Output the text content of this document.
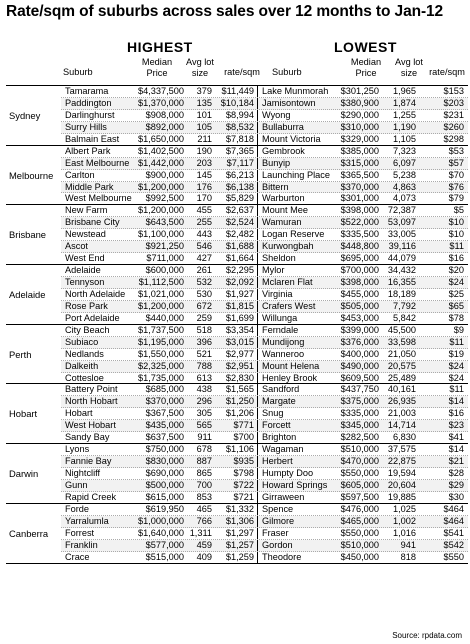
Rate/sqm of suburbs across sales over 12 months to Jan-12
HIGHEST	LOWEST
Suburb
Median Price
Avg lot size	rate/sqm	Suburb
Median Price
Avg lot size	rate/sqm
Sydney
Tamarama	$4,337,500	379	$11,449 Lake Munmorah	$301,250	1,965	$153
Paddington	$1,370,000	135 $10,184 Jamisontown	$380,900	1,874	$203
Darlinghurst	$908,000	101	$8,994 Wyong	$290,000	1,255	$231
Surry Hills	$892,000	105	$8,532 Bullaburra	$310,000	1,190	$260
Balmain East	$1,650,000	211	$7,818 Mount Victoria	$329,000	1,105	$298
Melbourne
Albert Park	$1,402,500	190	$7,365 Gembrook	$385,000	7,323	$53
East Melbourne $1,442,000	203	$7,117 Bunyip	$315,000	6,097	$57
Carlton	$900,000	145	$6,213 Launching Place	$365,500	5,238	$70
Middle Park	$1,200,000	176	$6,138 Bittern	$370,000	4,863	$76
West Melbourne	$992,500	170	$5,829 Warburton	$301,000	4,073	$79
Brisbane
New Farm	$1,200,000	455	$2,637 Mount Mee	$398,000 72,387	$5
Brisbane City	$643,500	255	$2,524 Wamuran	$522,000 53,097	$10
Newstead	$1,100,000	443	$2,482 Logan Reserve	$335,500 33,005	$10
Ascot	$921,250	546	$1,688 Kurwongbah	$448,800	39,116	$11
West End	$711,000	427	$1,664 Sheldon	$695,000 44,079	$16
Adelaide
Adelaide	$600,000	261	$2,295 Mylor	$700,000 34,432	$20
Tennyson	$1,112,500	532	$2,092 Mclaren Flat	$398,000 16,355	$24
North Adelaide	$1,021,000	530	$1,927 Virginia	$455,000 18,189	$25
Rose Park	$1,200,000	672	$1,815 Crafers West	$505,000	7,792	$65
Port Adelaide	$440,000	259	$1,699 Willunga	$453,000	5,842	$78
Perth
City Beach	$1,737,500	518	$3,354 Ferndale	$399,000 45,500	$9
Subiaco	$1,195,000	396	$3,015 Mundijong	$376,000 33,598	$11
Nedlands	$1,550,000	521	$2,977 Wanneroo	$400,000 21,050	$19
Dalkeith	$2,325,000	788	$2,951 Mount Helena	$490,000 20,575	$24
Cottesloe	$1,735,000	613	$2,830 Henley Brook	$609,500 25,489	$24
Hobart
Battery Point	$685,000	438	$1,565 Sandford	$437,750 40,161	$11
North Hobart	$370,000	296	$1,250 Margate	$375,000 26,935	$14
Hobart	$367,500	305	$1,206 Snug	$335,000 21,003	$16
West Hobart	$435,000	565	$771 Forcett	$345,000 14,714	$23
Sandy Bay	$637,500	911	$700 Brighton	$282,500	6,830	$41
Darwin
Lyons	$750,000	678	$1,106 Wagaman	$510,000 37,575	$14
Fannie Bay	$830,000	887	$935 Herbert	$470,000 22,875	$21
Nightcliff	$690,000	865	$798 Humpty Doo	$550,000 19,594	$28
Gunn	$500,000	700	$722 Howard Springs	$605,000 20,604	$29
Rapid Creek	$615,000	853	$721 Girraween	$597,500 19,885	$30
Canberra
Forde	$619,950	465	$1,332 Spence	$476,000	1,025	$464
Yarralumla	$1,000,000	766	$1,306 Gilmore	$465,000	1,002	$464
Forrest	$1,640,000 1,311	$1,297 Fraser	$550,000	1,016	$541
Franklin	$577,000	459	$1,257 Gordon	$510,000	941	$542
Crace	$515,000	409	$1,259 Theodore	$450,000	818	$550
Source: rpdata.com
